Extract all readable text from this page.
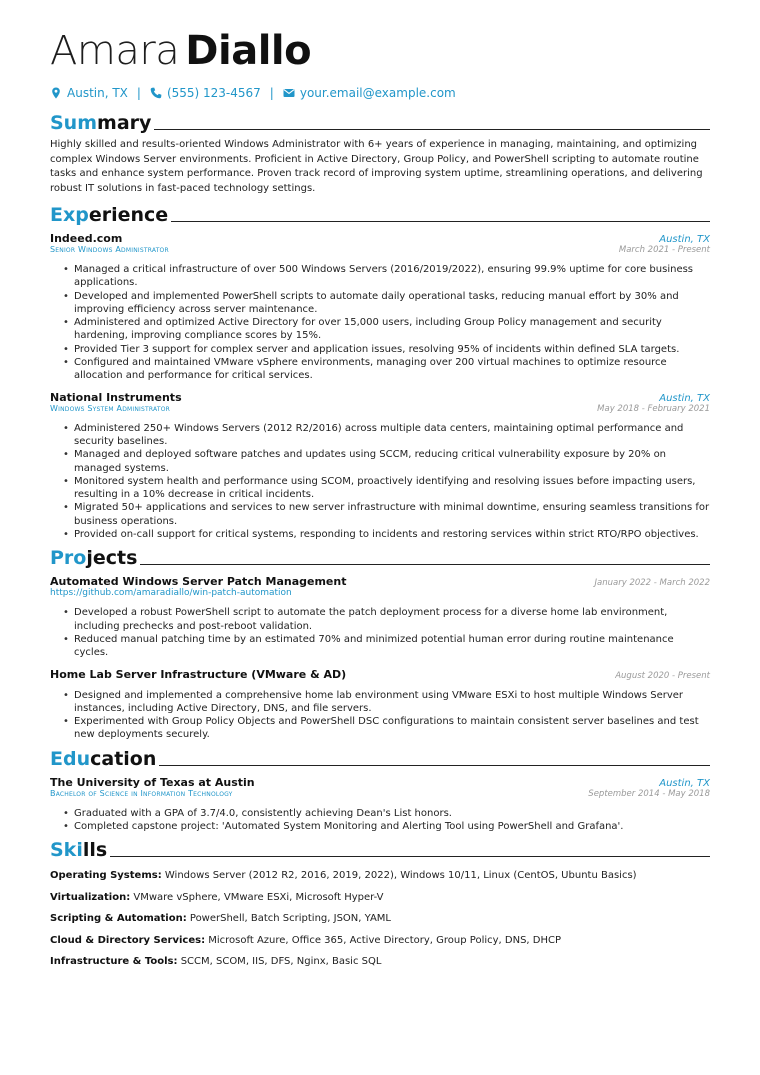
Amara Diallo
Austin, TX | (555) 123-4567 | your.email@example.com
Summary
Highly skilled and results-oriented Windows Administrator with 6+ years of experience in managing, maintaining, and optimizing complex Windows Server environments. Proficient in Active Directory, Group Policy, and PowerShell scripting to automate routine tasks and enhance system performance. Proven track record of improving system uptime, streamlining operations, and delivering robust IT solutions in fast-paced technology settings.
Experience
Indeed.com	Austin, TX
Senior Windows Administrator	March 2021 - Present
• Managed a critical infrastructure of over 500 Windows Servers (2016/2019/2022), ensuring 99.9% uptime for core business applications.
• Developed and implemented PowerShell scripts to automate daily operational tasks, reducing manual effort by 30% and improving efficiency across server maintenance.
• Administered and optimized Active Directory for over 15,000 users, including Group Policy management and security hardening, improving compliance scores by 15%.
• Provided Tier 3 support for complex server and application issues, resolving 95% of incidents within defined SLA targets.
• Configured and maintained VMware vSphere environments, managing over 200 virtual machines to optimize resource allocation and performance for critical services.
National Instruments	Austin, TX
Windows System Administrator	May 2018 - February 2021
• Administered 250+ Windows Servers (2012 R2/2016) across multiple data centers, maintaining optimal performance and security baselines.
• Managed and deployed software patches and updates using SCCM, reducing critical vulnerability exposure by 20% on managed systems.
• Monitored system health and performance using SCOM, proactively identifying and resolving issues before impacting users, resulting in a 10% decrease in critical incidents.
• Migrated 50+ applications and services to new server infrastructure with minimal downtime, ensuring seamless transitions for business operations.
• Provided on-call support for critical systems, responding to incidents and restoring services within strict RTO/RPO objectives.
Projects
Automated Windows Server Patch Management	January 2022 - March 2022
https://github.com/amaradiallo/win-patch-automation
• Developed a robust PowerShell script to automate the patch deployment process for a diverse home lab environment, including prechecks and post-reboot validation.
• Reduced manual patching time by an estimated 70% and minimized potential human error during routine maintenance cycles.
Home Lab Server Infrastructure (VMware & AD)	August 2020 - Present
• Designed and implemented a comprehensive home lab environment using VMware ESXi to host multiple Windows Server instances, including Active Directory, DNS, and file servers.
• Experimented with Group Policy Objects and PowerShell DSC configurations to maintain consistent server baselines and test new deployments securely.
Education
The University of Texas at Austin	Austin, TX
Bachelor of Science in Information Technology	September 2014 - May 2018
• Graduated with a GPA of 3.7/4.0, consistently achieving Dean's List honors.
• Completed capstone project: 'Automated System Monitoring and Alerting Tool using PowerShell and Grafana'.
Skills
Operating Systems: Windows Server (2012 R2, 2016, 2019, 2022), Windows 10/11, Linux (CentOS, Ubuntu Basics)
Virtualization: VMware vSphere, VMware ESXi, Microsoft Hyper-V
Scripting & Automation: PowerShell, Batch Scripting, JSON, YAML
Cloud & Directory Services: Microsoft Azure, Office 365, Active Directory, Group Policy, DNS, DHCP
Infrastructure & Tools: SCCM, SCOM, IIS, DFS, Nginx, Basic SQL
